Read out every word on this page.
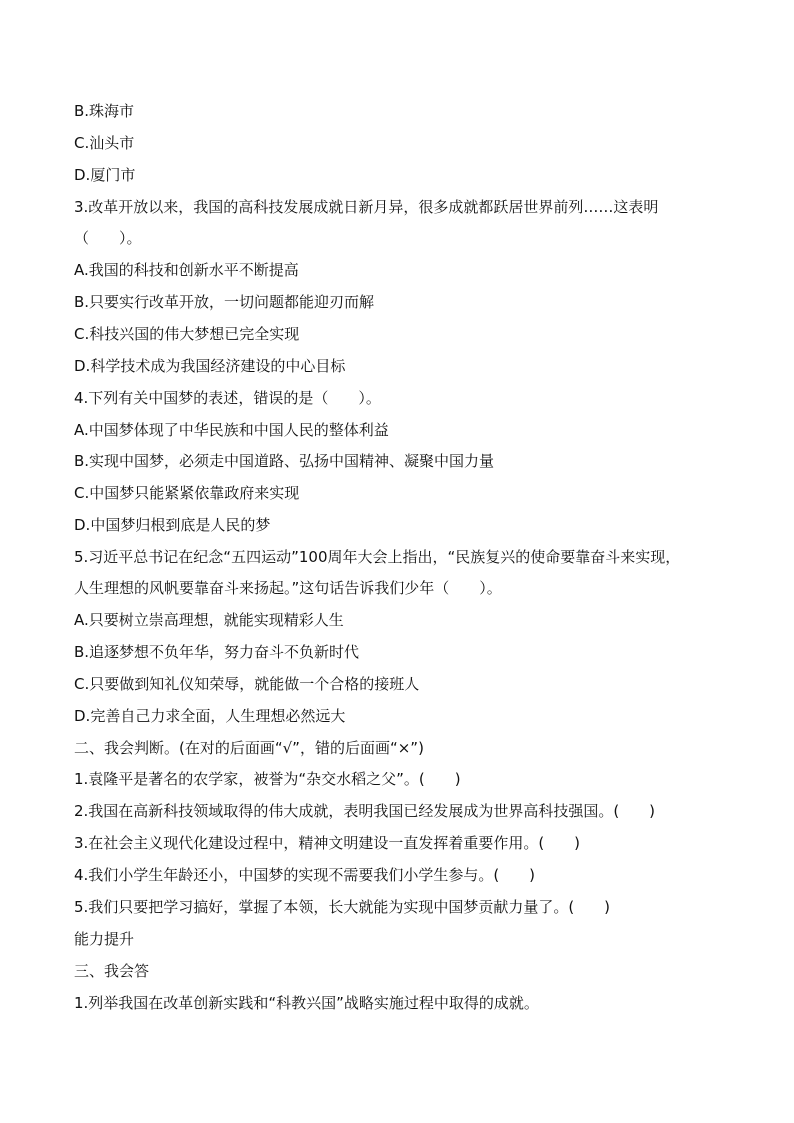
B.珠海市
C.汕头市
D.厦门市
3.改革开放以来，我国的高科技发展成就日新月异，很多成就都跃居世界前列……这表明
（　　）。
A.我国的科技和创新水平不断提高
B.只要实行改革开放，一切问题都能迎刃而解
C.科技兴国的伟大梦想已完全实现
D.科学技术成为我国经济建设的中心目标
4.下列有关中国梦的表述，错误的是（　　）。
A.中国梦体现了中华民族和中国人民的整体利益
B.实现中国梦，必须走中国道路、弘扬中国精神、凝聚中国力量
C.中国梦只能紧紧依靠政府来实现
D.中国梦归根到底是人民的梦
5.习近平总书记在纪念“五四运动”100周年大会上指出，“民族复兴的使命要靠奋斗来实现，
人生理想的风帆要靠奋斗来扬起。”这句话告诉我们少年（　　）。
A.只要树立崇高理想，就能实现精彩人生
B.追逐梦想不负年华，努力奋斗不负新时代
C.只要做到知礼仪知荣辱，就能做一个合格的接班人
D.完善自己力求全面，人生理想必然远大
二、我会判断。(在对的后面画“√”，错的后面画“×”)
1.袁隆平是著名的农学家，被誉为“杂交水稻之父”。(　　)
2.我国在高新科技领域取得的伟大成就，表明我国已经发展成为世界高科技强国。(　　)
3.在社会主义现代化建设过程中，精神文明建设一直发挥着重要作用。(　　)
4.我们小学生年龄还小，中国梦的实现不需要我们小学生参与。(　　)
5.我们只要把学习搞好，掌握了本领，长大就能为实现中国梦贡献力量了。(　　)
能力提升
三、我会答
1.列举我国在改革创新实践和“科教兴国”战略实施过程中取得的成就。
